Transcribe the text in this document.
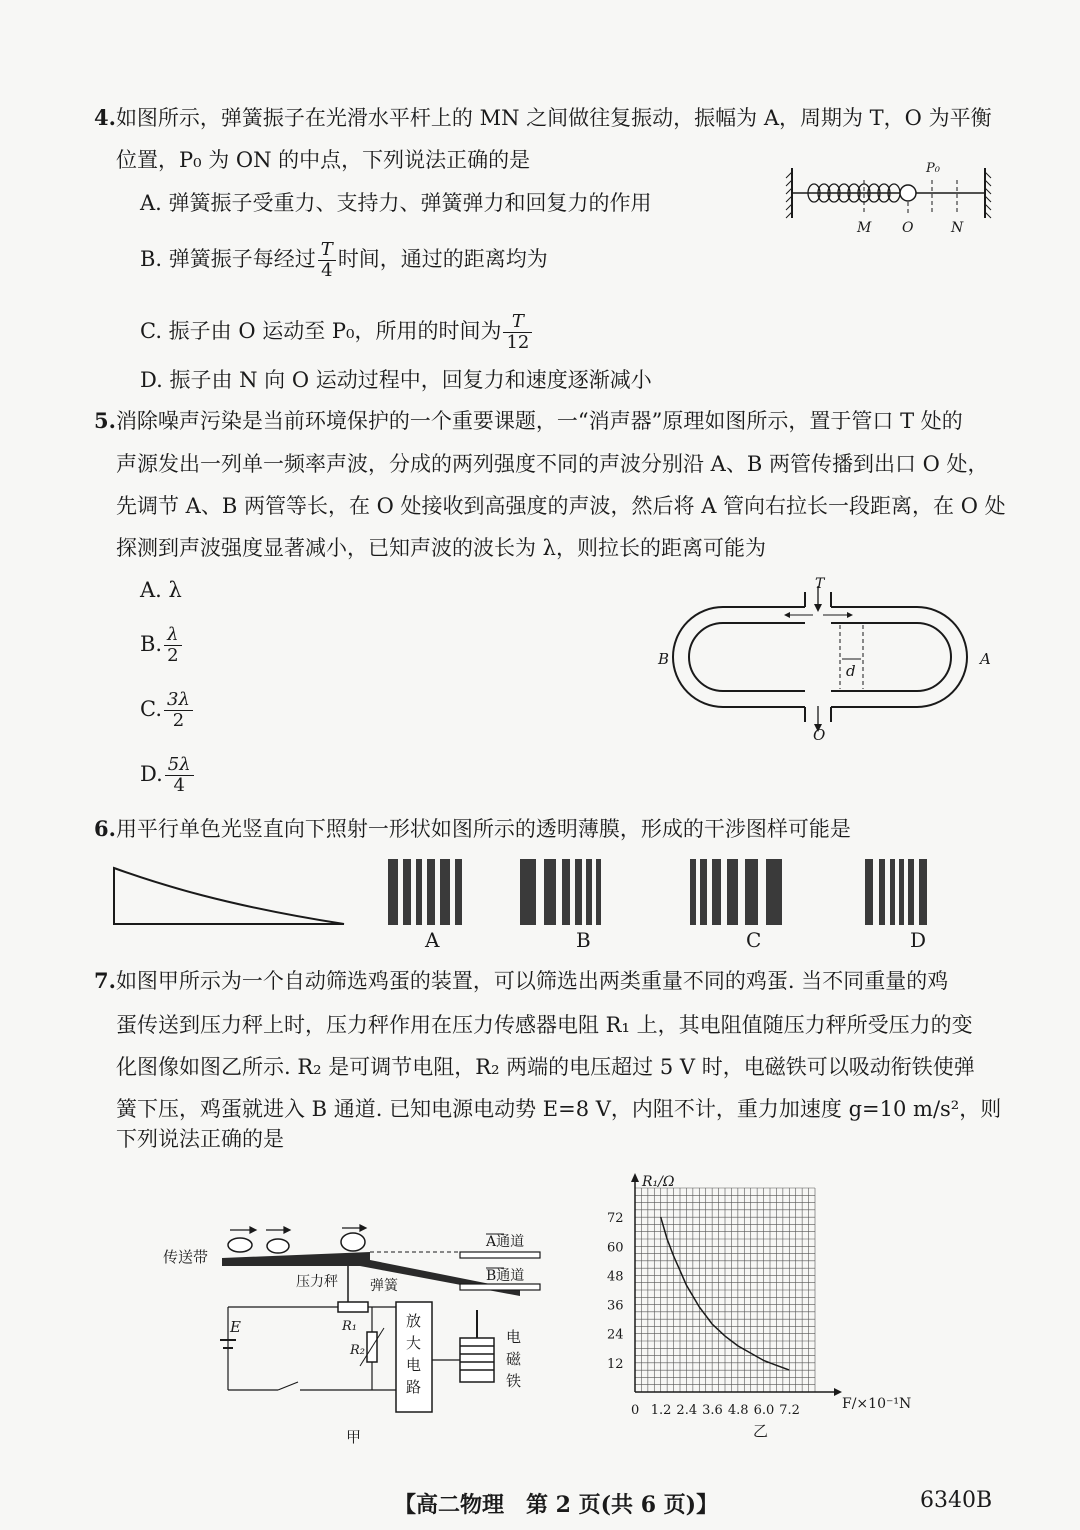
4.如图所示，弹簧振子在光滑水平杆上的 MN 之间做往复振动，振幅为 A，周期为 T，O 为平衡
位置，P₀ 为 ON 的中点，下列说法正确的是
A. 弹簧振子受重力、支持力、弹簧弹力和回复力的作用
B. 弹簧振子每经过 $\frac{T}{4}$ 时间，通过的距离均为
C. 振子由 O 运动至 P₀，所用的时间为 $\frac{T}{12}$
D. 振子由 N 向 O 运动过程中，回复力和速度逐渐减小
P₀
M O	N
5.消除噪声污染是当前环境保护的一个重要课题，一“消声器”原理如图所示，置于管口 T 处的
声源发出一列单一频率声波，分成的两列强度不同的声波分别沿 A、B 两管传播到出口 O 处，
先调节 A、B 两管等长，在 O 处接收到高强度的声波，然后将 A 管向右拉长一段距离，在 O 处
探测到声波强度显著减小，已知声波的波长为 λ，则拉长的距离可能为
A. λ
B. $\frac{\lambda}{2}$
C. $\frac{3\lambda}{2}$
D. $\frac{5\lambda}{4}$
T
A
B
d
O
6.用平行单色光竖直向下照射一形状如图所示的透明薄膜，形成的干涉图样可能是
A	B	C	D
7.如图甲所示为一个自动筛选鸡蛋的装置，可以筛选出两类重量不同的鸡蛋. 当不同重量的鸡
蛋传送到压力秤上时，压力秤作用在压力传感器电阻 R₁ 上，其电阻值随压力秤所受压力的变
化图像如图乙所示. R₂ 是可调节电阻，R₂ 两端的电压超过 5 V 时，电磁铁可以吸动衔铁使弹
簧下压，鸡蛋就进入 B 通道. 已知电源电动势 E=8 V，内阻不计，重力加速度 g=10 m/s²，则
下列说法正确的是
传送带
A通道
B通道
压力秤 弹簧
R₁	放大电路
电磁铁
E
R₂
甲
0 1.2 2.4 3.6 4.8 6.0 7.2
12
24
36
48
60
72
R₁/Ω
F/×10⁻¹N
乙
【高二物理　第 2 页(共 6 页)】	6340B
